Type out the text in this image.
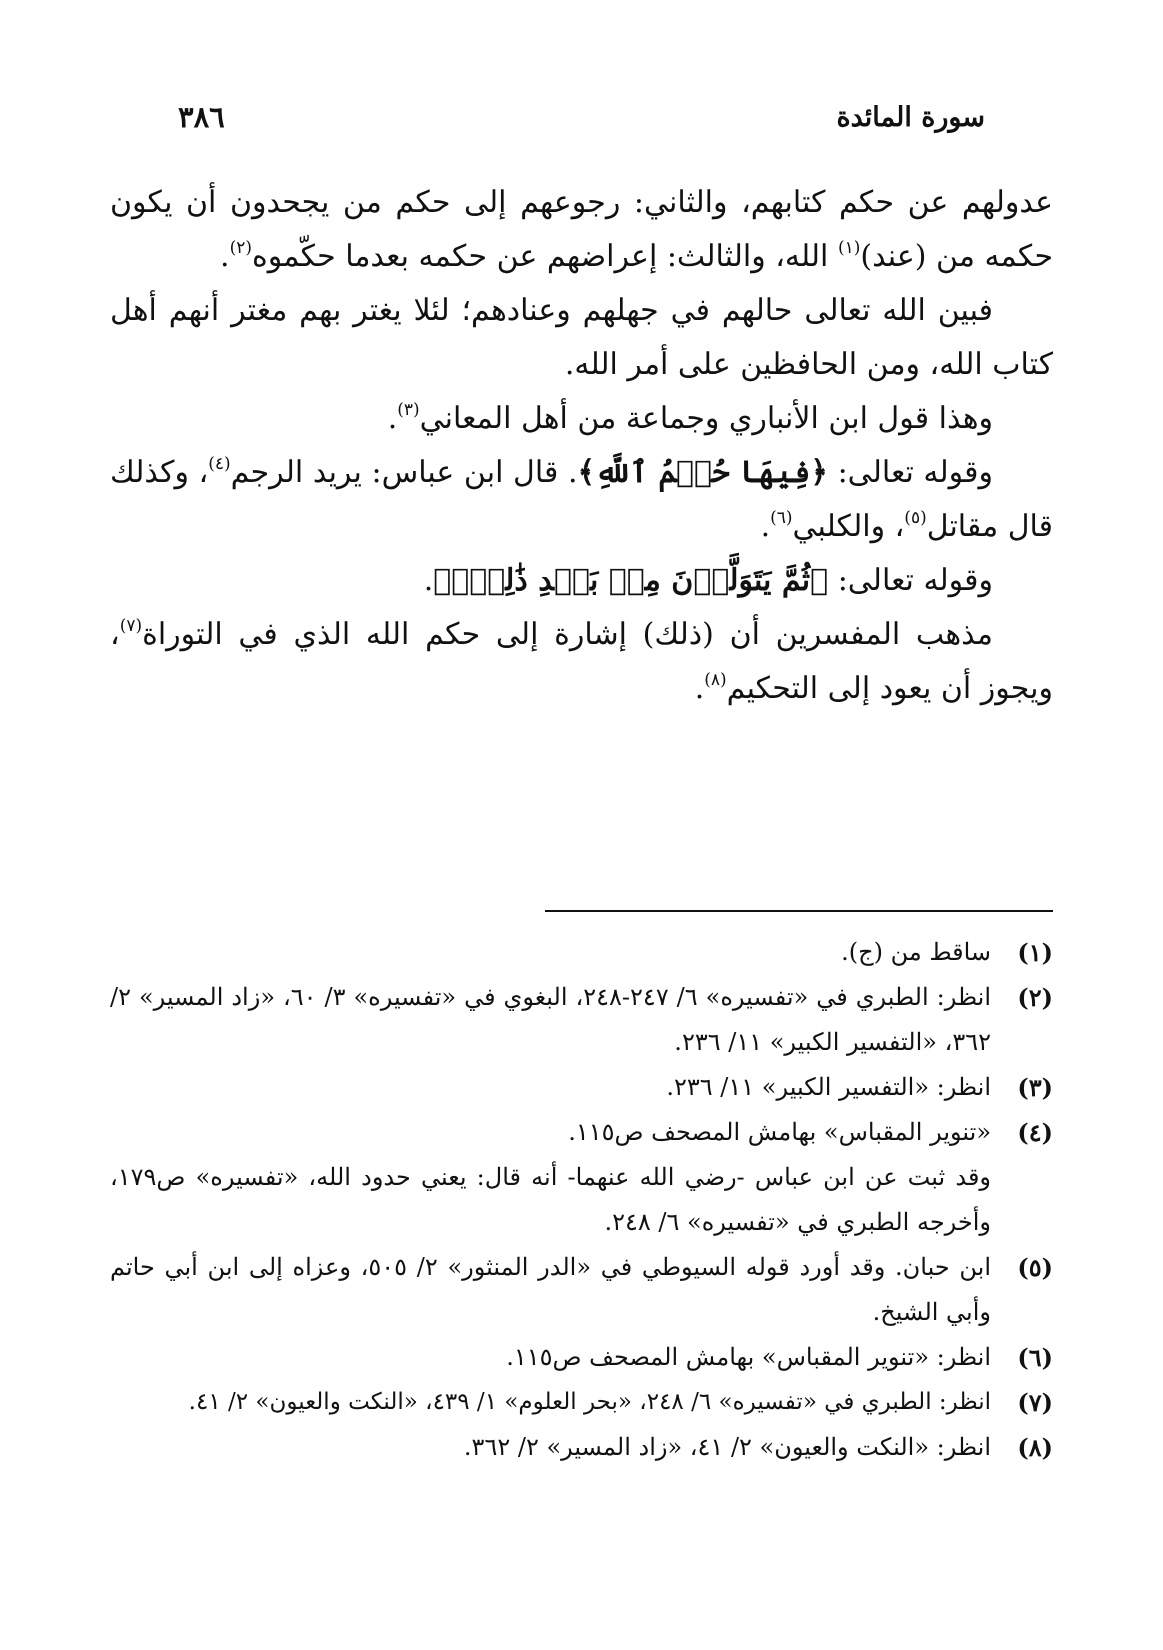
سورة المائدة
٣٨٦

عدولهم عن حكم كتابهم، والثاني: رجوعهم إلى حكم من يجحدون أن يكون حكمه من (عند)$^{(١)}$ الله، والثالث: إعراضهم عن حكمه بعدما حكّموه$^{(٢)}$.

فبين الله تعالى حالهم في جهلهم وعنادهم؛ لئلا يغتر بهم مغتر أنهم أهل كتاب الله، ومن الحافظين على أمر الله.

وهذا قول ابن الأنباري وجماعة من أهل المعاني$^{(٣)}$.

وقوله تعالى: ﴿فِيهَا حُكۡمُ ٱللَّهِ﴾. قال ابن عباس: يريد الرجم$^{(٤)}$، وكذلك قال مقاتل$^{(٥)}$، والكلبي$^{(٦)}$.

وقوله تعالى: ﴿ثُمَّ يَتَوَلَّوۡنَ مِنۢ بَعۡدِ ذَٰلِكَۚ﴾.

مذهب المفسرين أن (ذلك) إشارة إلى حكم الله الذي في التوراة$^{(٧)}$، ويجوز أن يعود إلى التحكيم$^{(٨)}$.

(١)
ساقط من (ج).
(٢)
انظر: الطبري في «تفسيره» ٦/ ٢٤٧-٢٤٨، البغوي في «تفسيره» ٣/ ٦٠، «زاد المسير» ٢/ ٣٦٢، «التفسير الكبير» ١١/ ٢٣٦.
(٣)
انظر: «التفسير الكبير» ١١/ ٢٣٦.
(٤)
«تنوير المقباس» بهامش المصحف ص١١٥.
وقد ثبت عن ابن عباس -رضي الله عنهما- أنه قال: يعني حدود الله، «تفسيره» ص١٧٩، وأخرجه الطبري في «تفسيره» ٦/ ٢٤٨.
(٥)
ابن حبان. وقد أورد قوله السيوطي في «الدر المنثور» ٢/ ٥٠٥، وعزاه إلى ابن أبي حاتم وأبي الشيخ.
(٦)
انظر: «تنوير المقباس» بهامش المصحف ص١١٥.
(٧)
انظر: الطبري في «تفسيره» ٦/ ٢٤٨، «بحر العلوم» ١/ ٤٣٩، «النكت والعيون» ٢/ ٤١.
(٨)
انظر: «النكت والعيون» ٢/ ٤١، «زاد المسير» ٢/ ٣٦٢.
